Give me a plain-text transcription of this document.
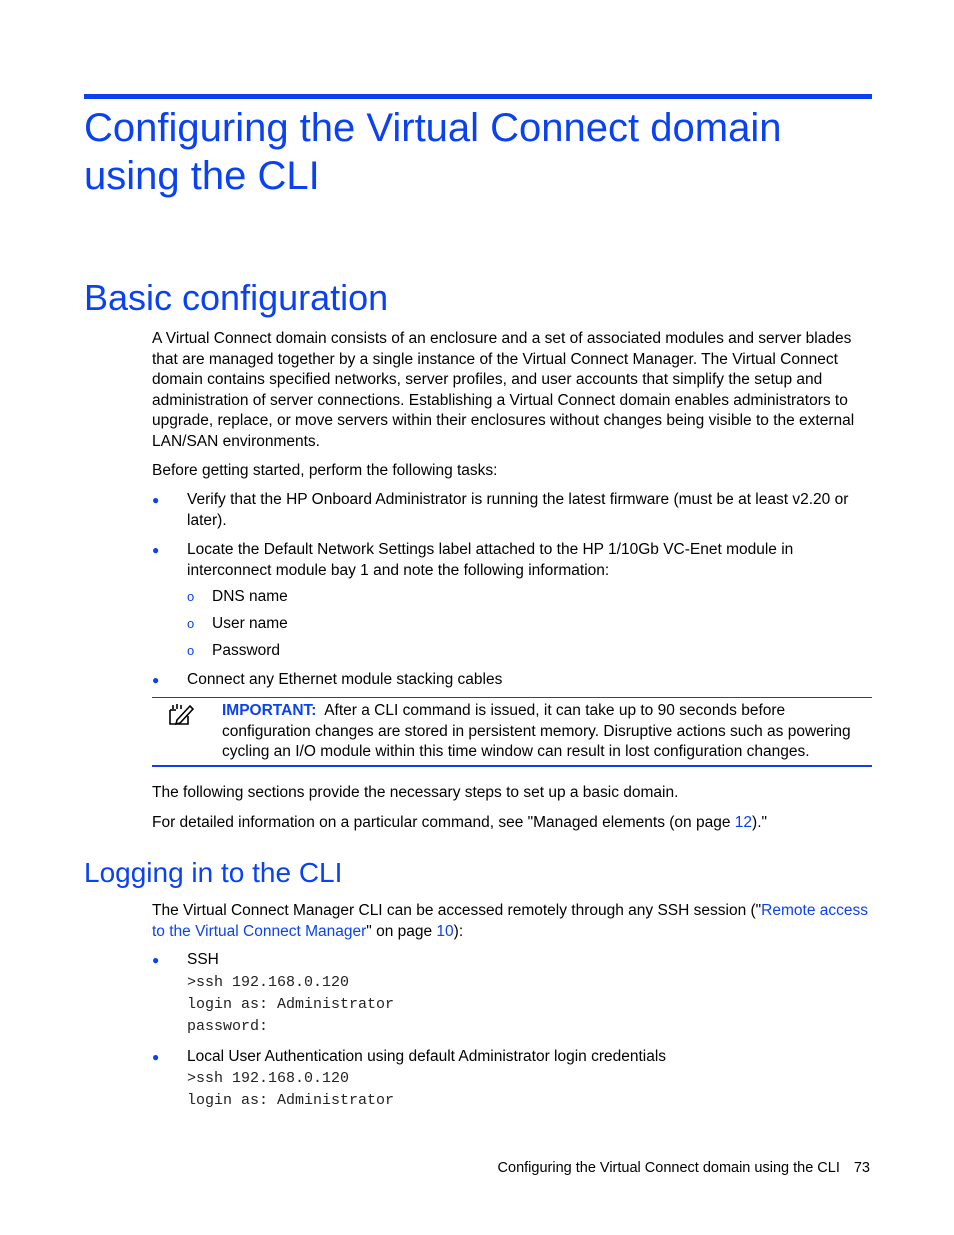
Configuring the Virtual Connect domain using the CLI
Basic configuration

A Virtual Connect domain consists of an enclosure and a set of associated modules and server blades that are managed together by a single instance of the Virtual Connect Manager. The Virtual Connect domain contains specified networks, server profiles, and user accounts that simplify the setup and administration of server connections. Establishing a Virtual Connect domain enables administrators to upgrade, replace, or move servers within their enclosures without changes being visible to the external LAN/SAN environments.

Before getting started, perform the following tasks:

● Verify that the HP Onboard Administrator is running the latest firmware (must be at least v2.20 or later).
● Locate the Default Network Settings label attached to the HP 1/10Gb VC-Enet module in interconnect module bay 1 and note the following information:
o DNS name
o User name
o Password
● Connect any Ethernet module stacking cables

IMPORTANT: After a CLI command is issued, it can take up to 90 seconds before configuration changes are stored in persistent memory. Disruptive actions such as powering cycling an I/O module within this time window can result in lost configuration changes.

The following sections provide the necessary steps to set up a basic domain.

For detailed information on a particular command, see "Managed elements (on page 12)."

Logging in to the CLI

The Virtual Connect Manager CLI can be accessed remotely through any SSH session ("Remote access to the Virtual Connect Manager" on page 10):

● SSH
>ssh 192.168.0.120
login as: Administrator
password:
● Local User Authentication using default Administrator login credentials
>ssh 192.168.0.120
login as: Administrator
Configuring the Virtual Connect domain using the CLI 73
